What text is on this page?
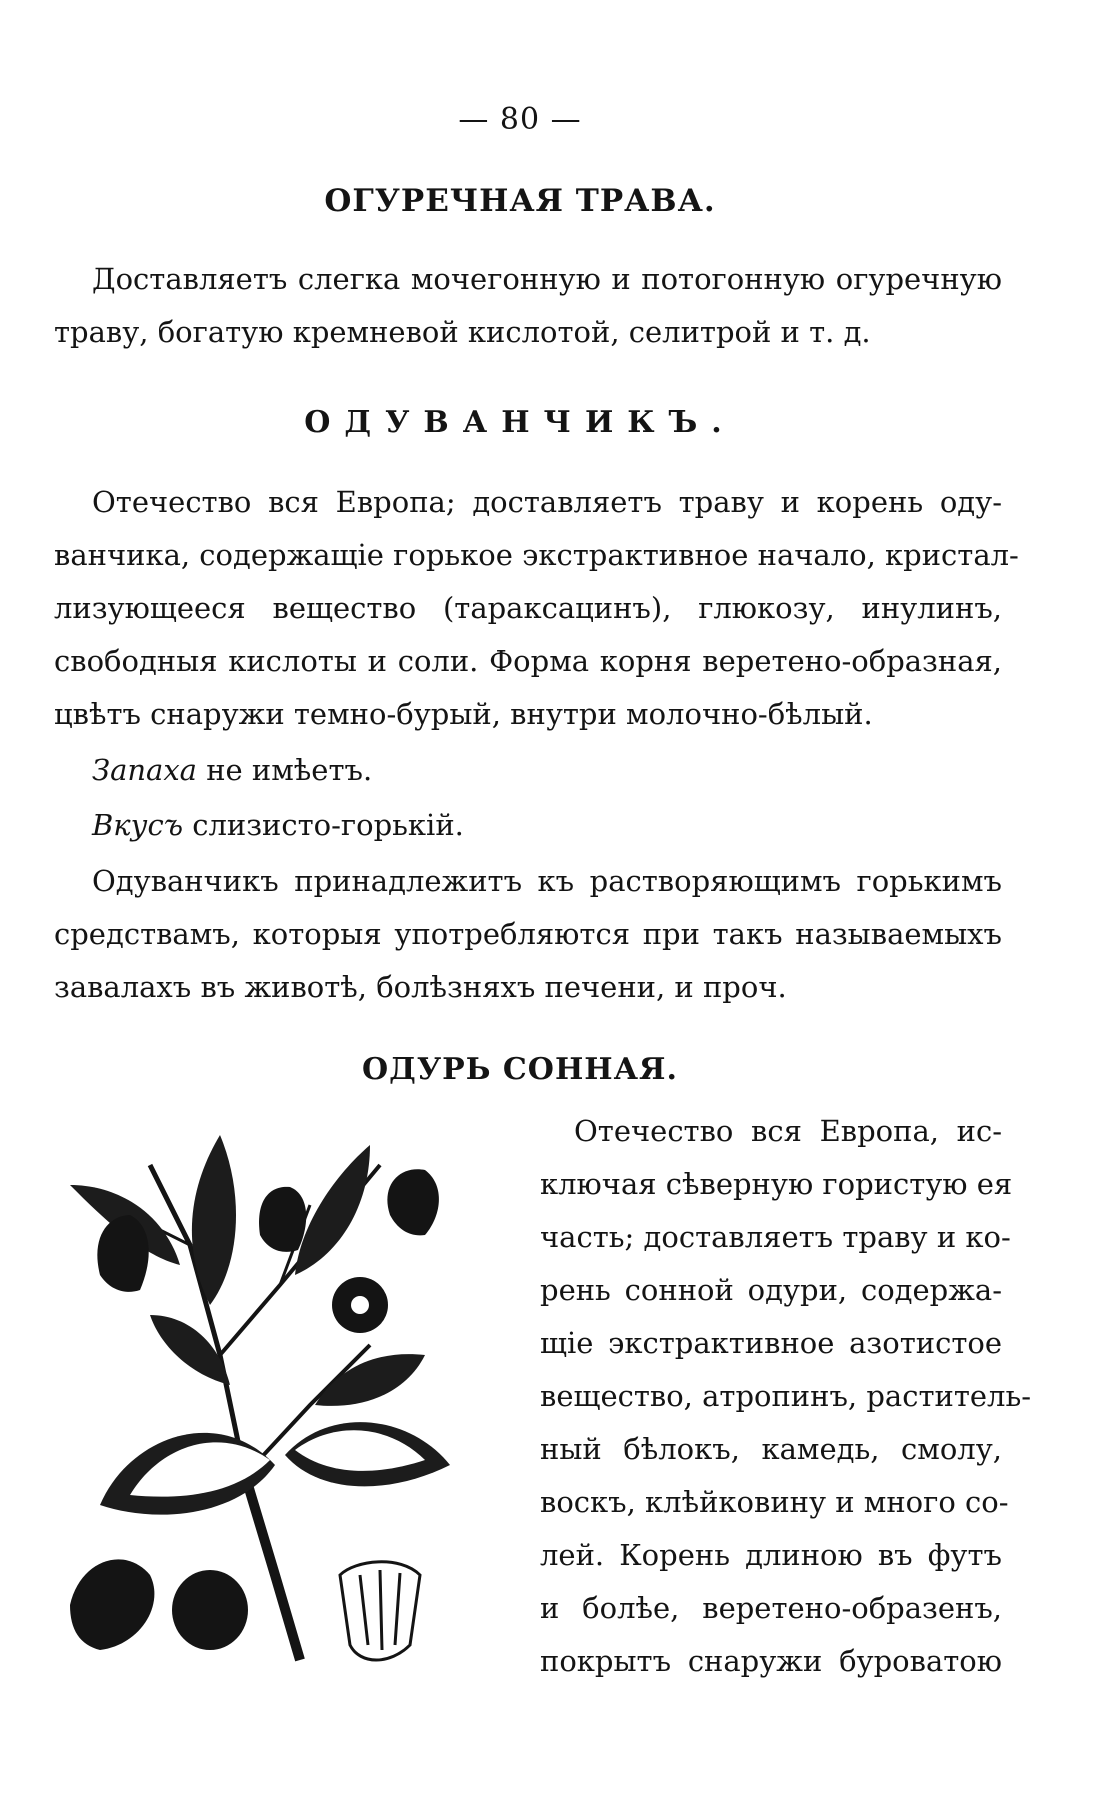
— 80 —
ОГУРЕЧНАЯ ТРАВА.
Доставляетъ слегка мочегонную и потогонную огуречную
траву, богатую кремневой кислотой, селитрой и т. д.
ОДУВАНЧИКЪ.
Отечество вся Европа; доставляетъ траву и корень оду-
ванчика, содержащіе горькое экстрактивное начало, кристал-
лизующееся вещество (тараксацинъ), глюкозу, инулинъ,
свободныя кислоты и соли. Форма корня веретено-образная,
цвѣтъ снаружи темно-бурый, внутри молочно-бѣлый.
Запаха не имѣетъ.
Вкусъ слизисто-горькій.
Одуванчикъ принадлежитъ къ растворяющимъ горькимъ
средствамъ, которыя употребляются при такъ называемыхъ
завалахъ въ животѣ, болѣзняхъ печени, и проч.
ОДУРЬ СОННАЯ.
Отечество вся Европа, ис-
ключая сѣверную гористую ея
часть; доставляетъ траву и ко-
рень сонной одури, содержа-
щіе экстрактивное азотистое
вещество, атропинъ, раститель-
ный бѣлокъ, камедь, смолу,
воскъ, клѣйковину и много со-
лей. Корень длиною въ футъ
и болѣе, веретено-образенъ,
покрытъ снаружи буроватою
